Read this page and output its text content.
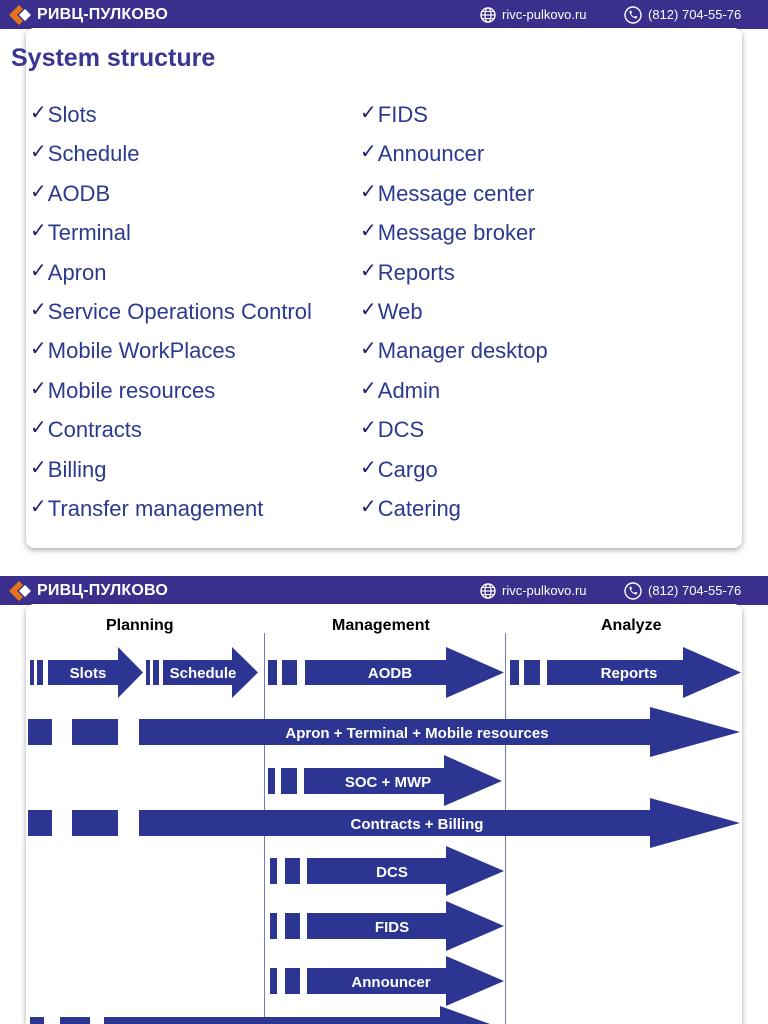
РИВЦ-ПУЛКОВО	rivc-pulkovo.ru	(812) 704-55-76
System structure
✓ Slots
✓ Schedule
✓ AODB
✓ Terminal
✓ Apron
✓ Service Operations Control
✓ Mobile WorkPlaces
✓ Mobile resources
✓ Contracts
✓ Billing
✓ Transfer management
✓ FIDS
✓ Announcer
✓ Message center
✓ Message broker
✓ Reports
✓ Web
✓ Manager desktop
✓ Admin
✓ DCS
✓ Cargo
✓ Catering
РИВЦ-ПУЛКОВО	rivc-pulkovo.ru	(812) 704-55-76
Planning	Management	Analyze
Slots	Schedule	AODB	Reports
Apron + Terminal + Mobile resources
SOC + MWP
Contracts + Billing
DCS
FIDS
Announcer
